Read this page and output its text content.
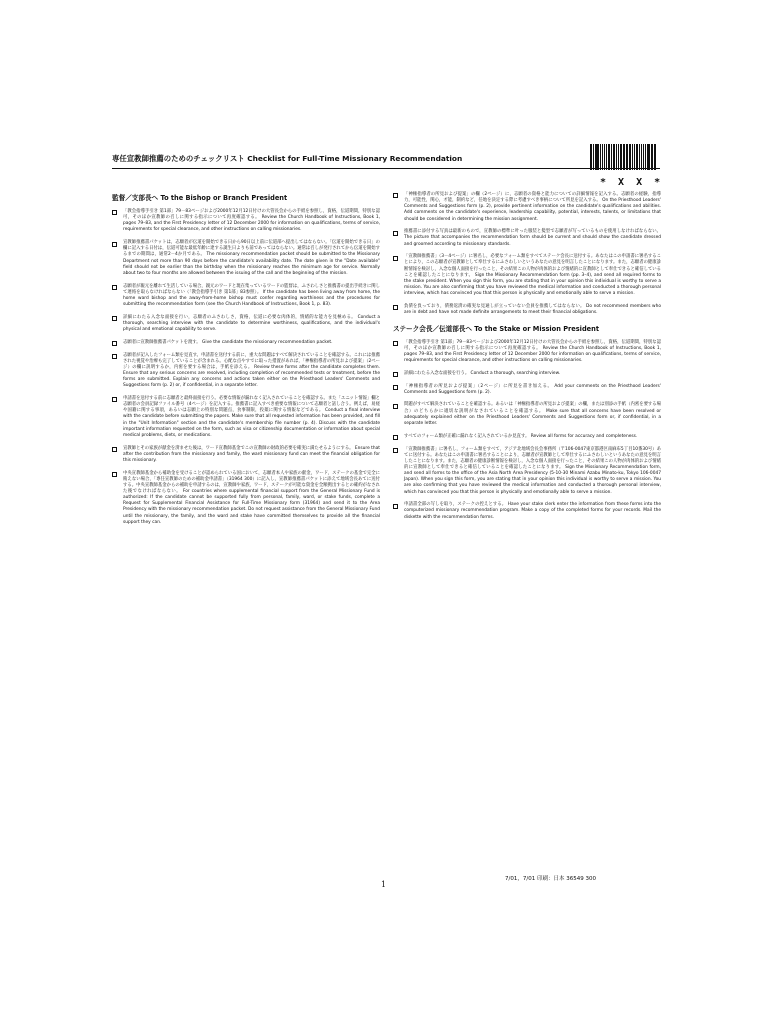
専任宣教師推薦のためのチェックリスト Checklist for Full-Time Missionary Recommendation
* X X *
監督／支部長へ To the Bishop or Branch President
「教会指導手引き 第1部」79－83ページおよび2000年12月12日付けの大管長会からの手紙を参照し，資格，伝道期間，特別な認可，そのほか宣教師の召しに関する指示について再度確認する。 Review the Church Handbook of Instructions, Book 1, pages 79–83, and the First Presidency letter of 12 December 2000 for information on qualifications, terms of service, requirements for special clearance, and other instructions on calling missionaries.
宣教師推薦書パケットは，志願者が伝道を開始できる日から90日以上前に伝道部へ提出してはならない。「伝道を開始できる日」の欄に記入する日付は，伝道可能な最低年齢に達する誕生日よりも前であってはならない。通常は召しが発行されてから伝道を開始するまでの期間は，通常2－4か月である。 The missionary recommendation packet should be submitted to the Missionary Department not more than 90 days before the candidate's availability date. The date given in the "Date available" field should not be earlier than the birthday when the missionary reaches the minimum age for service. Normally about two to four months are allowed between the issuing of the call and the beginning of the mission.
志願者が親元を離れて生活している場合，親元のワードと現在集っているワードの監督は，ふさわしさと推薦書の提出手続きに関して連絡を取らなければならない（「教会指導手引き 第1部」83参照）。 If the candidate has been living away from home, the home ward bishop and the away-from-home bishop must confer regarding worthiness and the procedures for submitting the recommendation form (see the Church Handbook of Instructions, Book 1, p. 83).
詳細にわたる入念な面接を行い，志願者のふさわしさ，資格，伝道に必要な肉体的，情緒的な能力を見極める。 Conduct a thorough, searching interview with the candidate to determine worthiness, qualifications, and the individual's physical and emotional capability to serve.
志願者に宣教師推薦書パケットを渡す。 Give the candidate the missionary recommendation packet.
志願者が記入したフォーム類を見直す。申請書を送付する前に，重大な問題はすべて解決されていることを確認する。これには推薦された視覚や治療も完了していることが含まれる。心配な点やすでに取った措置があれば，「神権指導者の所見および提案」（2ページ）の欄に説明するか，内密を要する場合は，手紙を添える。 Review these forms after the candidate completes them. Ensure that any serious concerns are resolved, including completion of recommended tests or treatment, before the forms are submitted. Explain any concerns and actions taken either on the Priesthood Leaders' Comments and Suggestions form (p. 2) or, if confidential, in a separate letter.
申請書を送付する前に志願者と最終面接を行う。必要な情報が漏れなく記入されていることを確認する。また「ユニット情報」欄と志願者の会員記録ファイル番号（4ページ）を記入する。推薦書に記入すべき重要な情報について志願者と話し合う。例えば，易経や国籍に関する事項，あるいは志願上の特別な問題点，食事制限，投薬に関する情報などである。 Conduct a final interview with the candidate before submitting the papers. Make sure that all requested information has been provided, and fill in the "Unit Information" section and the candidate's membership file number (p. 4). Discuss with the candidate important information requested on the form, such as visa or citizenship documentation or information about special medical problems, diets, or medications.
宣教師とその家族が献金を済ませた後は，ワード宣教師基金でこの宣教師の財政的必要を確実に満たせるようにする。 Ensure that after the contribution from the missionary and family, the ward missionary fund can meet the financial obligation for this missionary.
中央宣教師基金から補助金を受けることが認められている国において，志願者本人や家族の献金，ワード，ステークの基金で完全に賄えない場合，「専任宣教師のための補助金申請書」（31964 300）に記入し，宣教師推薦書パケットに添えて地域会長あてに送付する。中央宣教師基金からの補助を申請するのは，宣教師や家族，ワード，ステークが可能な資金を全額拠出するとの確約がなされた後でなければならない。 For countries where supplemental financial support from the General Missionary Fund is authorized: If the candidate cannot be supported fully from personal, family, ward, or stake funds, complete a Request for Supplemental Financial Assistance for Full-Time Missionary form (31964) and send it to the Area Presidency with the missionary recommendation packet. Do not request assistance from the General Missionary Fund until the missionary, the family, and the ward and stake have committed themselves to provide all the financial support they can.
「神権指導者の所見および提案」の欄（2ページ）に，志願者の資格と能力についての詳細情報を記入する。志願者の経験，指導力，可能性，関心，才能，制約など，任地を決定する際に考慮すべき事柄について所見を記入する。 On the Priesthood Leaders' Comments and Suggestions form (p. 2), provide pertinent information on the candidate's qualifications and abilities. Add comments on the candidate's experience, leadership capability, potential, interests, talents, or limitations that should be considered in determining the mission assignment.
推薦書に添付する写真は最新のもので，宣教師の標準に叶った服装と髪型で志願者が写っているものを使用しなければならない。 The picture that accompanies the recommendation form should be current and should show the candidate dressed and groomed according to missionary standards.
「宣教師推薦書」（3－4ページ）に署名し，必要なフォーム類をすべてステーク会長に送付する。あなたはこの申請書に署名することにより，この志願者が宣教師として奉仕するにふさわしいというあなたの意見を明言したことになります。また，志願者の健康診断情報を検討し，入念な個人面接を行ったこと，その結果この人物が肉体的および情緒的に宣教師として奉仕できると確信していることを確認したことになります。 Sign the Missionary Recommendation form (pp. 3–4), and send all required forms to the stake president. When you sign this form, you are stating that in your opinion this individual is worthy to serve a mission. You are also confirming that you have reviewed the medical information and conducted a thorough personal interview, which has convinced you that this person is physically and emotionally able to serve a mission.
負債を負っており，債務返済の確実な見通しが立っていない会員を推薦してはならない。 Do not recommend members who are in debt and have not made definite arrangements to meet their financial obligations.
ステーク会長／伝道部長へ To the Stake or Mission President
「教会指導手引き 第1部」79－83ページおよび2000年12月12日付けの大管長会からの手紙を参照し，資格，伝道期間，特別な認可，そのほか宣教師の召しに関する指示について再度確認する。 Review the Church Handbook of Instructions, Book 1, pages 79–83, and the First Presidency letter of 12 December 2000 for information on qualifications, terms of service, requirements for special clearance, and other instructions on calling missionaries.
詳細にわたる入念な面接を行う。 Conduct a thorough, searching interview.
「神権指導者の所見および提案」（2ページ）に所見を書き加える。 Add your comments on the Priesthood Leaders' Comments and Suggestions form (p. 2).
問題がすべて解決されていることを確認する。あるいは「神権指導者の所見および提案」の欄，または別添の手紙（内密を要する場合）のどちらかに適切な説明がなされていることを確認する。 Make sure that all concerns have been resolved or adequately explained either on the Priesthood Leaders' Comments and Suggestions form or, if confidential, in a separate letter.
すべてのフォーム類が正確に漏れなく記入されているか見直す。 Review all forms for accuracy and completeness.
「宣教師推薦書」に署名し，フォーム類をすべて，アジア北地域会長会事務所（〒106-0047東京都港区南麻布5丁目10番30号）あてに送付する。あなたはこの申請書に署名することにより，志願者が宣教師として奉仕するにふさわしいというあなたの意見を明言したことになります。また，志願者の健康診断情報を検討し，入念な個人面接を行ったこと，その結果この人物が肉体的および情緒的に宣教師として奉仕できると確信していることを確認したことになります。 Sign the Missionary Recommendation form, and send all forms to the office of the Asia North Area Presidency (5-10-30 Minami Azabu Minato-ku, Tokyo 106-0047 Japan). When you sign this form, you are stating that in your opinion this individual is worthy to serve a mission. You are also confirming that you have reviewed the medical information and conducted a thorough personal interview, which has convinced you that this person is physically and emotionally able to serve a mission.
申請書全部の写しを取り，ステークの控えとする。 Have your stake clerk enter the information from these forms into the computerized missionary recommendation program. Make a copy of the completed forms for your records. Mail the diskette with the recommendation forms.
1
7/01，7/01 印刷：日本 36549 300
